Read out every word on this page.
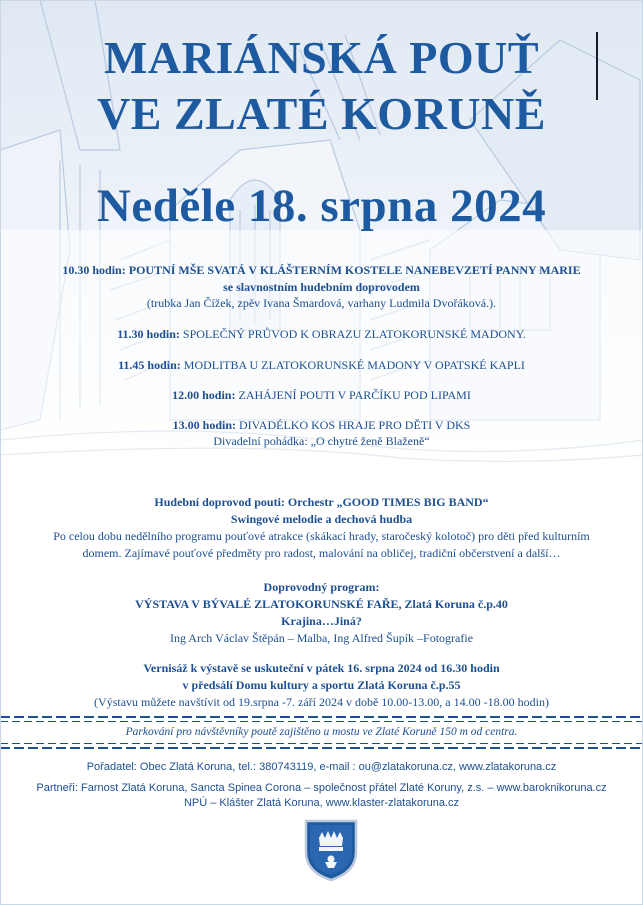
MARIÁNSKÁ POUŤ
VE ZLATÉ KORUNĚ
Neděle 18. srpna 2024
10.30 hodin: POUTNÍ MŠE SVATÁ V KLÁŠTERNÍM KOSTELE NANEBEVZETÍ PANNY MARIE
se slavnostním hudebním doprovodem
(trubka Jan Čížek, zpěv Ivana Šmardová, varhany Ludmila Dvořáková.).
11.30 hodin: SPOLEČNÝ PRŮVOD K OBRAZU ZLATOKORUNSKÉ MADONY.
11.45 hodin: MODLITBA U ZLATOKORUNSKÉ MADONY V OPATSKÉ KAPLI
12.00 hodin: ZAHÁJENÍ POUTI V PARČÍKU POD LIPAMI
13.00 hodin: DIVADÉLKO KOS HRAJE PRO DĚTI V DKS
Divadelní pohádka: „O chytré ženě Blaženě“
Hudební doprovod pouti: Orchestr „GOOD TIMES BIG BAND“
Swingové melodie a dechová hudba
Po celou dobu nedělního programu pouťové atrakce (skákací hrady, staročeský kolotoč) pro děti před kulturním
domem. Zajímavé pouťové předměty pro radost, malování na obličej, tradiční občerstvení a další…
Doprovodný program:
VÝSTAVA V BÝVALÉ ZLATOKORUNSKÉ FAŘE, Zlatá Koruna č.p.40
Krajina…Jiná?
Ing Arch Václav Štěpán – Malba, Ing Alfred Šupík –Fotografie
Vernisáž k výstavě se uskuteční v pátek 16. srpna 2024 od 16.30 hodin
v předsálí Domu kultury a sportu Zlatá Koruna č.p.55
(Výstavu můžete navštívit od 19.srpna -7. září 2024 v době 10.00-13.00, a 14.00 -18.00 hodin)
Parkování pro návštěvníky poutě zajištěno u mostu ve Zlaté Koruně 150 m od centra.
Pořadatel: Obec Zlatá Koruna, tel.: 380743119, e-mail : ou@zlatakoruna.cz, www.zlatakoruna.cz
Partneři: Farnost Zlatá Koruna, Sancta Spinea Corona – společnost přátel Zlaté Koruny, z.s. – www.baroknikoruna.cz
NPÚ – Klášter Zlatá Koruna, www.klaster-zlatakoruna.cz
